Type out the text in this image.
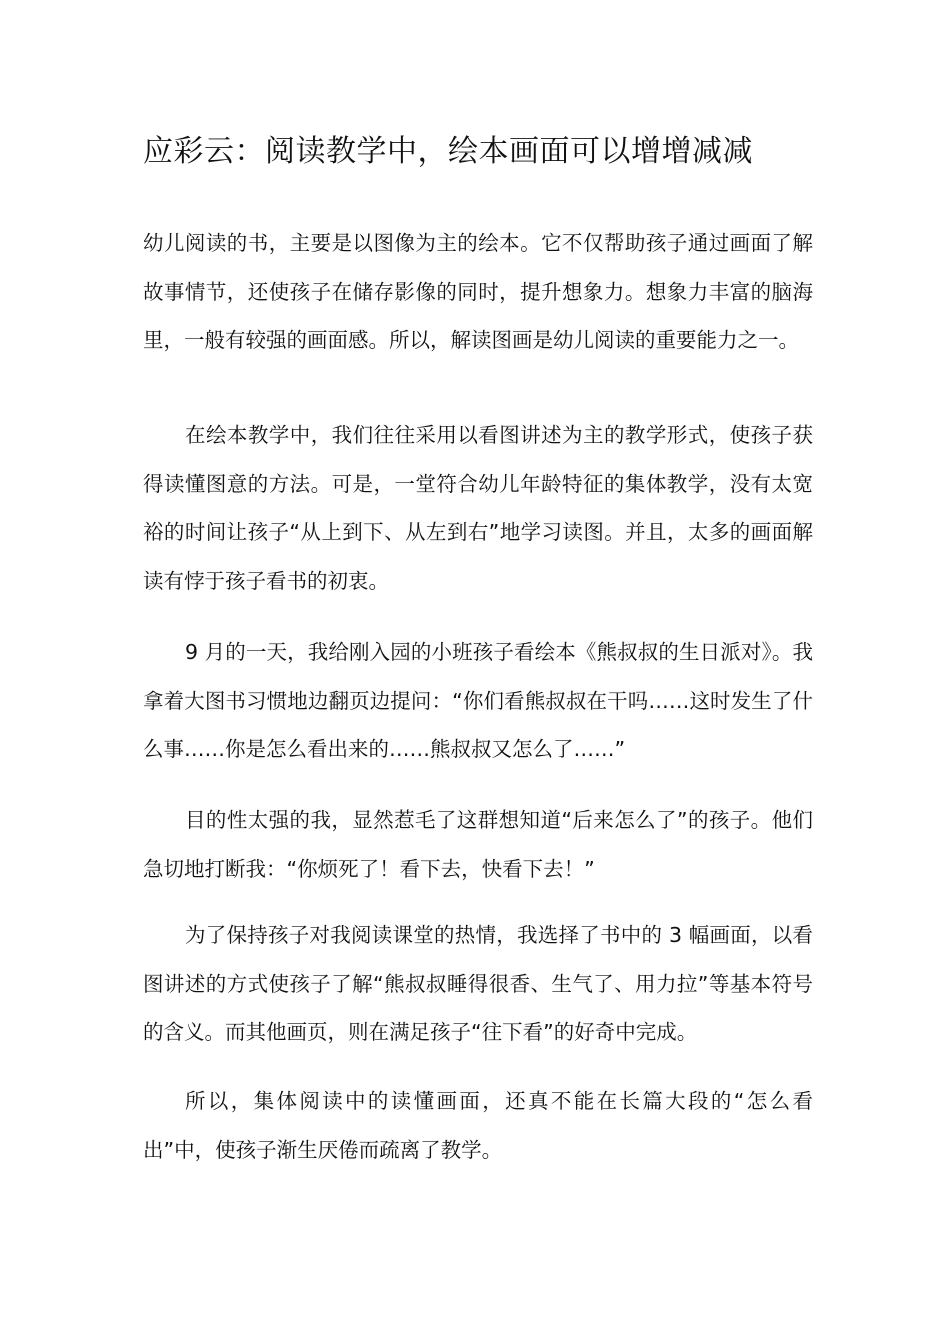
应彩云：阅读教学中，绘本画面可以增增减减

幼儿阅读的书，主要是以图像为主的绘本。它不仅帮助孩子通过画面了解故事情节，还使孩子在储存影像的同时，提升想象力。想象力丰富的脑海里，一般有较强的画面感。所以，解读图画是幼儿阅读的重要能力之一。

在绘本教学中，我们往往采用以看图讲述为主的教学形式，使孩子获得读懂图意的方法。可是，一堂符合幼儿年龄特征的集体教学，没有太宽裕的时间让孩子“从上到下、从左到右”地学习读图。并且，太多的画面解读有悖于孩子看书的初衷。

9 月的一天，我给刚入园的小班孩子看绘本《熊叔叔的生日派对》。我拿着大图书习惯地边翻页边提问：“你们看熊叔叔在干吗……这时发生了什么事……你是怎么看出来的……熊叔叔又怎么了……”

目的性太强的我，显然惹毛了这群想知道“后来怎么了”的孩子。他们急切地打断我：“你烦死了！看下去，快看下去！”

为了保持孩子对我阅读课堂的热情，我选择了书中的 3 幅画面，以看图讲述的方式使孩子了解“熊叔叔睡得很香、生气了、用力拉”等基本符号的含义。而其他画页，则在满足孩子“往下看”的好奇中完成。

所以，集体阅读中的读懂画面，还真不能在长篇大段的“怎么看出”中，使孩子渐生厌倦而疏离了教学。
